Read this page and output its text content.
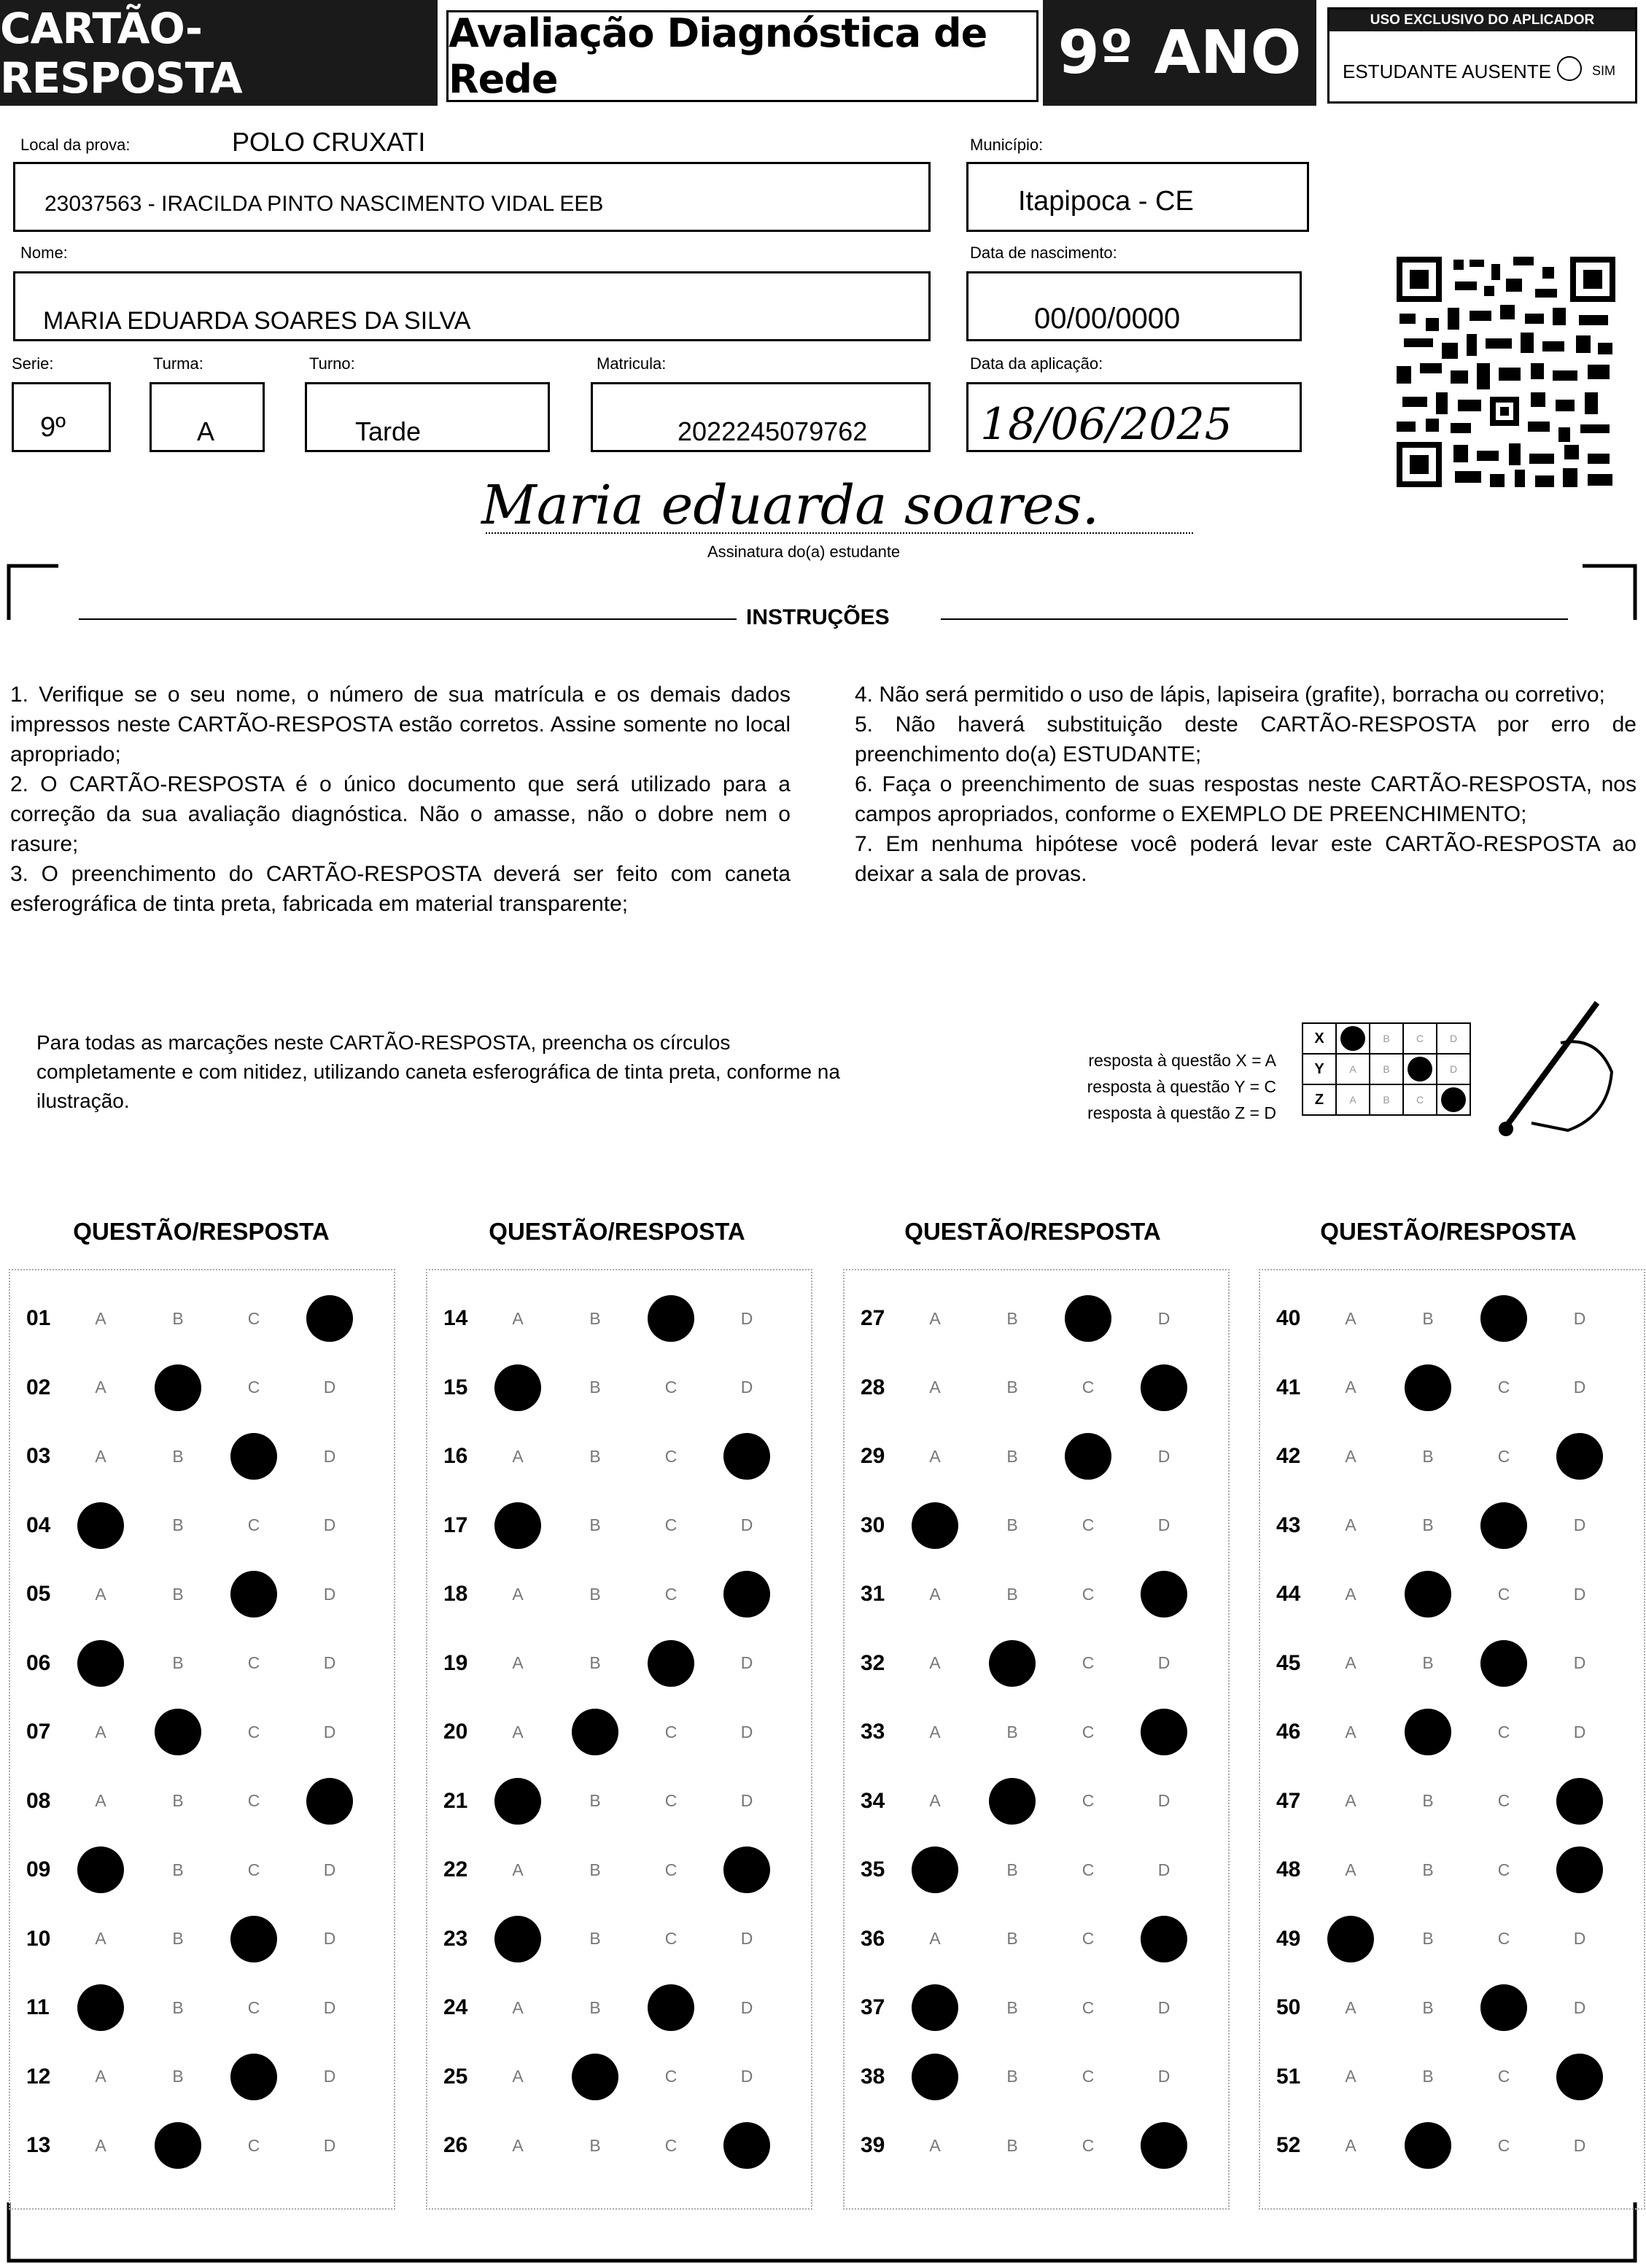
CARTÃO-RESPOSTA
Avaliação Diagnóstica de Rede	9º ANO	USO EXCLUSIVO DO APLICADOR
ESTUDANTE AUSENTE	SIM
Local da prova:	POLO CRUXATI
23037563 - IRACILDA PINTO NASCIMENTO VIDAL EEB
Município:
Itapipoca - CE
Nome:
MARIA EDUARDA SOARES DA SILVA
Data de nascimento:
00/00/0000
Serie:
9º
Turma:
A
Turno:
Tarde
Matricula:
2022245079762
Data da aplicação:
18/06/2025
Maria eduarda soares.
Assinatura do(a) estudante
INSTRUÇÕES

1. Verifique se o seu nome, o número de sua matrícula e os demais dados impressos neste CARTÃO-RESPOSTA estão corretos. Assine somente no local apropriado;

2. O CARTÃO-RESPOSTA é o único documento que será utilizado para a correção da sua avaliação diagnóstica. Não o amasse, não o dobre nem o rasure;

3. O preenchimento do CARTÃO-RESPOSTA deverá ser feito com caneta esferográfica de tinta preta, fabricada em material transparente;

4. Não será permitido o uso de lápis, lapiseira (grafite), borracha ou corretivo;

5. Não haverá substituição deste CARTÃO-RESPOSTA por erro de preenchimento do(a) ESTUDANTE;

6. Faça o preenchimento de suas respostas neste CARTÃO-RESPOSTA, nos campos apropriados, conforme o EXEMPLO DE PREENCHIMENTO;

7. Em nenhuma hipótese você poderá levar este CARTÃO-RESPOSTA ao deixar a sala de provas.

Para todas as marcações neste CARTÃO-RESPOSTA, preencha os círculos completamente e com nitidez, utilizando caneta esferográfica de tinta preta, conforme na ilustração.
resposta à questão X = A
resposta à questão Y = C
resposta à questão Z = D
X		B	C	D

Y	A	B		D

Z	A	B	C	

QUESTÃO/RESPOSTA
01	A	B	C
02	A	C	D
03	A	B	D
04	B	C	D
05	A	B	D
06	B	C	D
07	A	C	D
08	A	B	C
09	B	C	D
10	A	B	D
11	B	C	D
12	A	B	D
13	A	C	D
QUESTÃO/RESPOSTA
14	A	B	D
15	B	C	D
16	A	B	C
17	B	C	D
18	A	B	C
19	A	B	D
20	A	C	D
21	B	C	D
22	A	B	C
23	B	C	D
24	A	B	D
25	A	C	D
26	A	B	C
QUESTÃO/RESPOSTA
27	A	B	D
28	A	B	C
29	A	B	D
30	B	C	D
31	A	B	C
32	A	C	D
33	A	B	C
34	A	C	D
35	B	C	D
36	A	B	C
37	B	C	D
38	B	C	D
39	A	B	C
QUESTÃO/RESPOSTA
40	A	B	D
41	A	C	D
42	A	B	C
43	A	B	D
44	A	C	D
45	A	B	D
46	A	C	D
47	A	B	C
48	A	B	C
49	B	C	D
50	A	B	D
51	A	B	C
52	A	C	D
